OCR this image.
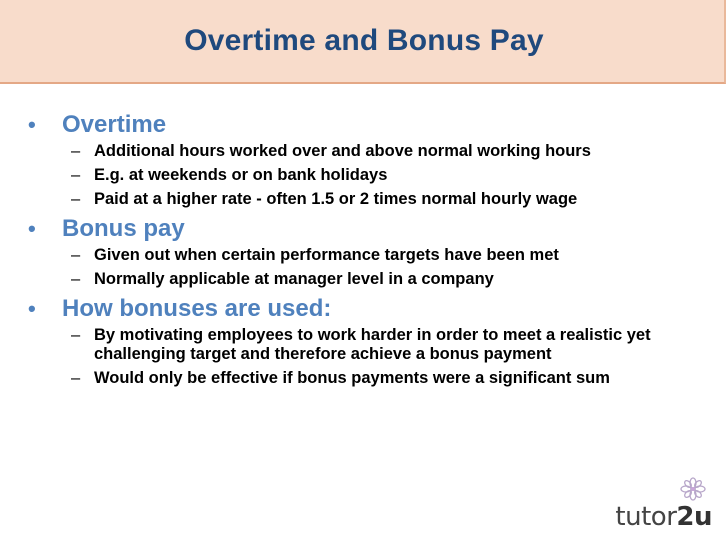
Overtime and Bonus Pay
• Overtime
– Additional hours worked over and above normal working hours
– E.g. at weekends or on bank holidays
– Paid at a higher rate - often 1.5 or 2 times normal hourly wage
• Bonus pay
– Given out when certain performance targets have been met
– Normally applicable at manager level in a company
• How bonuses are used:
– By motivating employees to work harder in order to meet a realistic yet challenging target and therefore achieve a bonus payment
– Would only be effective if bonus payments were a significant sum
tutor2u
